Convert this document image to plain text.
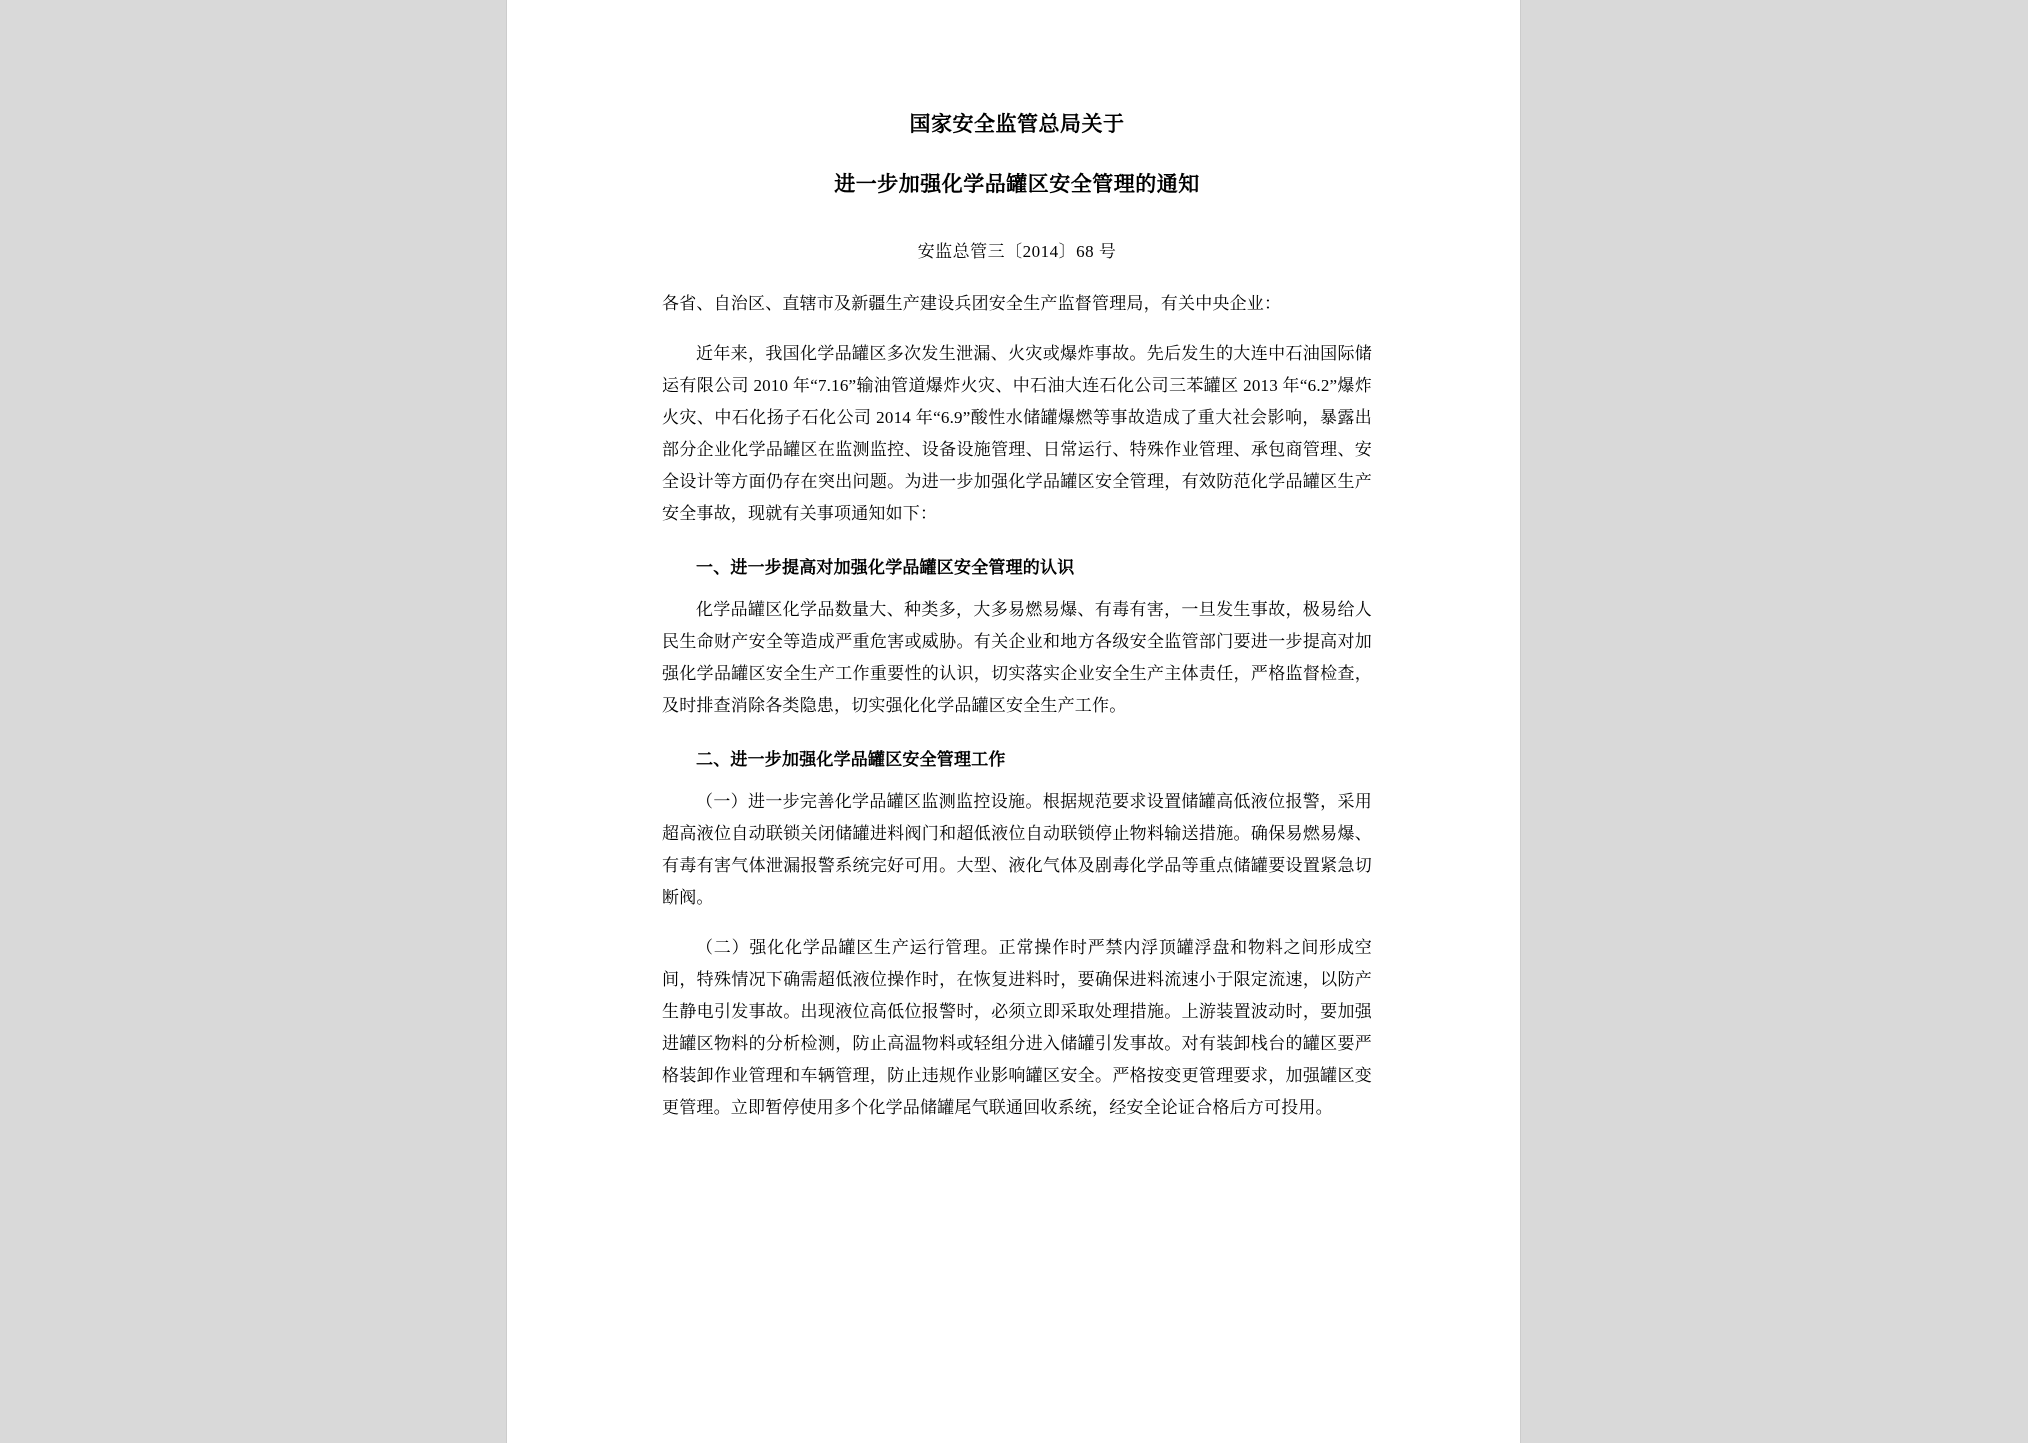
国家安全监管总局关于
进一步加强化学品罐区安全管理的通知
安监总管三〔2014〕68 号

各省、自治区、直辖市及新疆生产建设兵团安全生产监督管理局，有关中央企业：

近年来，我国化学品罐区多次发生泄漏、火灾或爆炸事故。先后发生的大连中石油国际储运有限公司 2010 年“7.16”输油管道爆炸火灾、中石油大连石化公司三苯罐区 2013 年“6.2”爆炸火灾、中石化扬子石化公司 2014 年“6.9”酸性水储罐爆燃等事故造成了重大社会影响，暴露出部分企业化学品罐区在监测监控、设备设施管理、日常运行、特殊作业管理、承包商管理、安全设计等方面仍存在突出问题。为进一步加强化学品罐区安全管理，有效防范化学品罐区生产安全事故，现就有关事项通知如下：

一、进一步提高对加强化学品罐区安全管理的认识

化学品罐区化学品数量大、种类多，大多易燃易爆、有毒有害，一旦发生事故，极易给人民生命财产安全等造成严重危害或威胁。有关企业和地方各级安全监管部门要进一步提高对加强化学品罐区安全生产工作重要性的认识，切实落实企业安全生产主体责任，严格监督检查，及时排查消除各类隐患，切实强化化学品罐区安全生产工作。

二、进一步加强化学品罐区安全管理工作

（一）进一步完善化学品罐区监测监控设施。根据规范要求设置储罐高低液位报警，采用超高液位自动联锁关闭储罐进料阀门和超低液位自动联锁停止物料输送措施。确保易燃易爆、有毒有害气体泄漏报警系统完好可用。大型、液化气体及剧毒化学品等重点储罐要设置紧急切断阀。

（二）强化化学品罐区生产运行管理。正常操作时严禁内浮顶罐浮盘和物料之间形成空间，特殊情况下确需超低液位操作时，在恢复进料时，要确保进料流速小于限定流速，以防产生静电引发事故。出现液位高低位报警时，必须立即采取处理措施。上游装置波动时，要加强进罐区物料的分析检测，防止高温物料或轻组分进入储罐引发事故。对有装卸栈台的罐区要严格装卸作业管理和车辆管理，防止违规作业影响罐区安全。严格按变更管理要求，加强罐区变更管理。立即暂停使用多个化学品储罐尾气联通回收系统，经安全论证合格后方可投用。
